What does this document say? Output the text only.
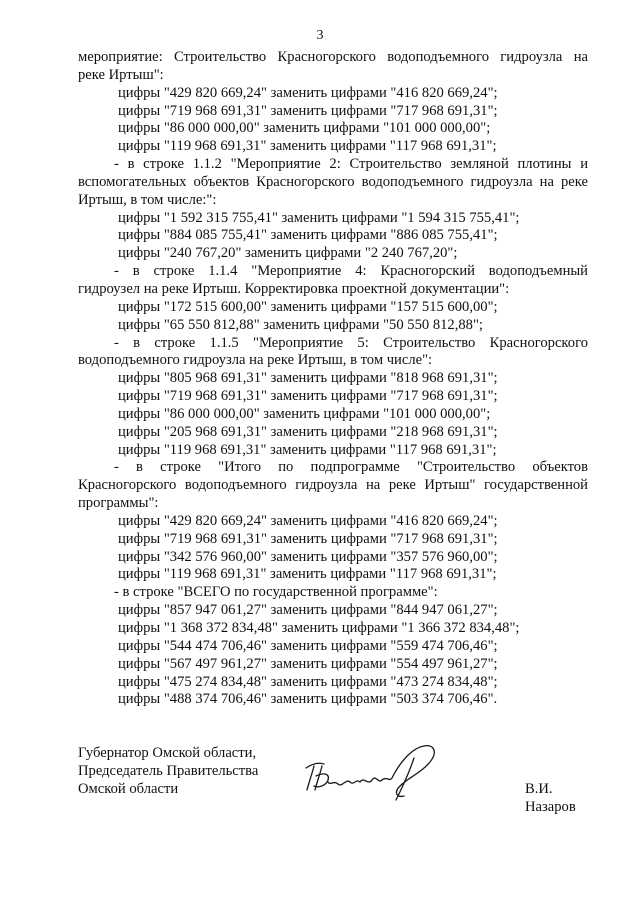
3
мероприятие: Строительство Красногорского водоподъемного гидроузла на
реке Иртыш":
цифры "429 820 669,24" заменить цифрами "416 820 669,24";
цифры "719 968 691,31" заменить цифрами "717 968 691,31";
цифры "86 000 000,00" заменить цифрами "101 000 000,00";
цифры "119 968 691,31" заменить цифрами "117 968 691,31";
- в строке 1.1.2 "Мероприятие 2: Строительство земляной плотины и
вспомогательных объектов Красногорского водоподъемного гидроузла на реке
Иртыш, в том числе:":
цифры "1 592 315 755,41" заменить цифрами "1 594 315 755,41";
цифры "884 085 755,41" заменить цифрами "886 085 755,41";
цифры "240 767,20" заменить цифрами "2 240 767,20";
- в строке 1.1.4 "Мероприятие 4: Красногорский водоподъемный
гидроузел на реке Иртыш. Корректировка проектной документации":
цифры "172 515 600,00" заменить цифрами "157 515 600,00";
цифры "65 550 812,88" заменить цифрами "50 550 812,88";
- в строке 1.1.5 "Мероприятие 5: Строительство Красногорского
водоподъемного гидроузла на реке Иртыш, в том числе":
цифры "805 968 691,31" заменить цифрами "818 968 691,31";
цифры "719 968 691,31" заменить цифрами "717 968 691,31";
цифры "86 000 000,00" заменить цифрами "101 000 000,00";
цифры "205 968 691,31" заменить цифрами "218 968 691,31";
цифры "119 968 691,31" заменить цифрами "117 968 691,31";
- в строке "Итого по подпрограмме "Строительство объектов
Красногорского водоподъемного гидроузла на реке Иртыш" государственной
программы":
цифры "429 820 669,24" заменить цифрами "416 820 669,24";
цифры "719 968 691,31" заменить цифрами "717 968 691,31";
цифры "342 576 960,00" заменить цифрами "357 576 960,00";
цифры "119 968 691,31" заменить цифрами "117 968 691,31";
- в строке "ВСЕГО по государственной программе":
цифры "857 947 061,27" заменить цифрами "844 947 061,27";
цифры "1 368 372 834,48" заменить цифрами "1 366 372 834,48";
цифры "544 474 706,46" заменить цифрами "559 474 706,46";
цифры "567 497 961,27" заменить цифрами "554 497 961,27";
цифры "475 274 834,48" заменить цифрами "473 274 834,48";
цифры "488 374 706,46" заменить цифрами "503 374 706,46".
Губернатор Омской области,
Председатель Правительства
Омской области	В.И. Назаров
